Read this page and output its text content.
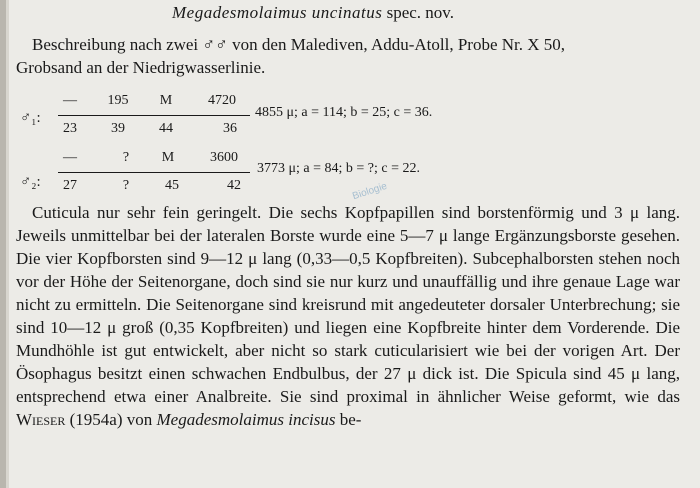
Megadesmolaimus uncinatus spec. nov.
Beschreibung nach zwei ♂♂ von den Malediven, Addu-Atoll, Probe Nr. X 50,
Grobsand an der Niedrigwasserlinie.
♂₁:
—	195	M	4720
23	39	44	36
4855 μ; a = 114; b = 25; c = 36.
♂₂:
—	?	M	3600
27	?	45	42
3773 μ; a = 84; b = ?; c = 22.
Biologie

Cuticula nur sehr fein geringelt. Die sechs Kopfpapillen sind borstenförmig und 3 μ lang. Jeweils unmittelbar bei der lateralen Borste wurde eine 5—7 μ lange Ergänzungsborste gesehen. Die vier Kopfborsten sind 9—12 μ lang (0,33—0,5 Kopfbreiten). Subcephalborsten stehen noch vor der Höhe der Seitenorgane, doch sind sie nur kurz und unauffällig und ihre genaue Lage war nicht zu ermitteln. Die Seitenorgane sind kreisrund mit angedeuteter dorsaler Unterbrechung; sie sind 10—12 μ groß (0,35 Kopfbreiten) und liegen eine Kopfbreite hinter dem Vorderende. Die Mundhöhle ist gut entwickelt, aber nicht so stark cuticularisiert wie bei der vorigen Art. Der Ösophagus besitzt einen schwachen Endbulbus, der 27 μ dick ist. Die Spicula sind 45 μ lang, entsprechend etwa einer Analbreite. Sie sind proximal in ähnlicher Weise geformt, wie das Wieser (1954a) von Megadesmolaimus incisus be-
